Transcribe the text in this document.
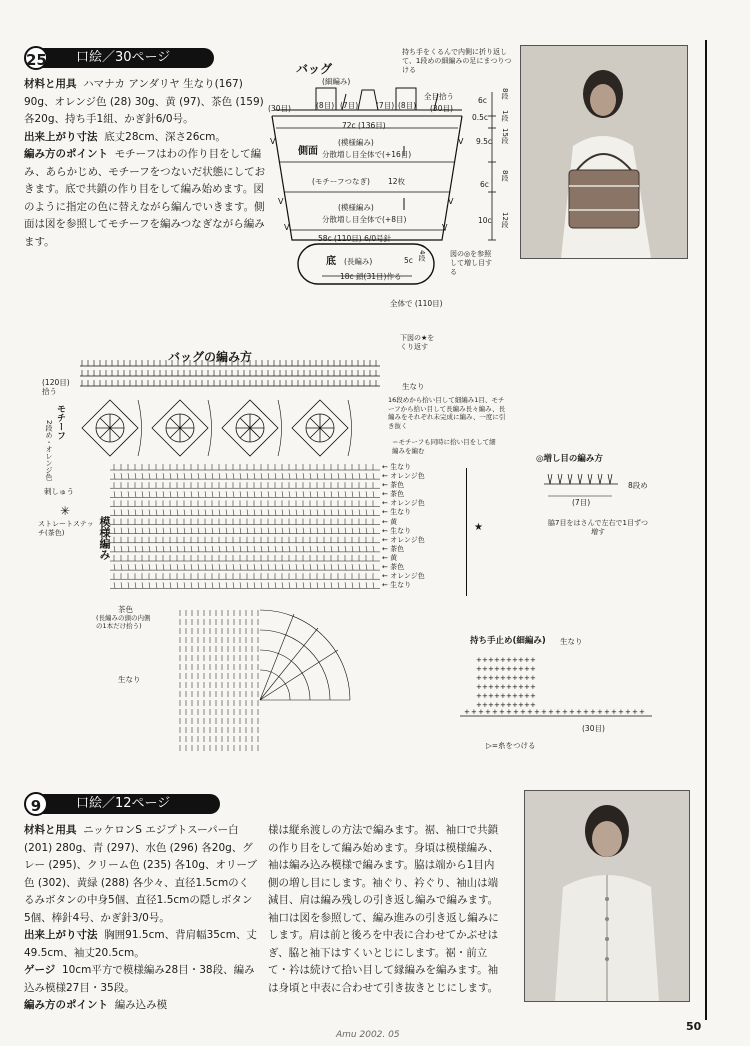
口絵／30ページ
25

材料と用具 ハマナカ アンダリヤ 生なり(167) 90g、オレンジ色 (28) 30g、黄 (97)、茶色 (159) 各20g、持ち手1組、かぎ針6/0号。

出来上がり寸法 底丈28cm、深さ26cm。

編み方のポイント モチーフはわの作り目をして編み、あらかじめ、モチーフをつないだ状態にしておきます。底で共鎖の作り目をして編み始めます。図のように指定の色に替えながら編んでいきます。側面は図を参照してモチーフを編みつなぎながら編みます。

バッグ
(細編み)
持ち手をくるんで内側に折り返して、1段めの細編みの足にまつりつける
全目拾う
V	V
V	V
V	V
(30目)	(30目)
(8目) (7目) (7目) (8目)
72c (136目)
側面
(模様編み)
分散増し目全体で(+16目)
(モチーフつなぎ) 12枚
(模様編み)
分散増し目全体で(+8目)
58c (110目) 6/0号針
底 (長編み)
18c 鎖(31目)作る
全体で (110目)
5c 4段	図の◎を参照して増し目する
6c
8段
0.5c 1段
9.5c 15段
6c
8段
10c 12段
バッグの編み方
下図の★をくり返す
(120目)拾う
生なり
モチーフ
2段め・オレンジ色
刺しゅう
✳
ストレートステッチ(茶色)	模様編み
16段めから拾い目して細編み1目、モチーフから拾い目して長編み長々編み、長編みをそれぞれ未完成に編み、一度に引き抜く
＝モチーフも同時に拾い目をして細編みを編む
← 生なり
← オレンジ色
← 茶色
← 茶色
← オレンジ色
← 生なり
← 黄
← 生なり
← オレンジ色
← 茶色
← 黄
← 茶色
← オレンジ色
← 生なり
★
茶色
(長編みの頭の内側の1本だけ拾う)
生なり
◎増し目の編み方
8段め
(7目)
脇7目をはさんで左右で1目ずつ増す
持ち手止め(細編み) 生なり
+ + + + + + + + + +
+ + + + + + + + + +
+ + + + + + + + + +
+ + + + + + + + + +
+ + + + + + + + + +
+ + + + + + + + + +
+ + + + + + + + + + + + + + + + + + + + + + + + + +
(30目)
▷=糸をつける
口絵／12ページ
9

材料と用具 ニッケロンS エジプトスーパー白 (201) 280g、青 (297)、水色 (296) 各20g、グレー (295)、クリーム色 (235) 各10g、オリーブ色 (302)、黄緑 (288) 各少々、直径1.5cmのくるみボタンの中身5個、直径1.5cmの隠しボタン5個、棒針4号、かぎ針3/0号。

出来上がり寸法 胸囲91.5cm、背肩幅35cm、丈49.5cm、袖丈20.5cm。

ゲージ 10cm平方で模様編み28目・38段、編み込み模様27目・35段。

編み方のポイント 編み込み模

様は縦糸渡しの方法で編みます。裾、袖口で共鎖の作り目をして編み始めます。身頃は模様編み、袖は編み込み模様で編みます。脇は端から1目内側の増し目にします。袖ぐり、衿ぐり、袖山は端減目、肩は編み残しの引き返し編みで編みます。袖口は図を参照して、編み進みの引き返し編みにします。肩は前と後ろを中表に合わせてかぶせはぎ、脇と袖下はすくいとじにします。裾・前立て・衿は続けて拾い目して縁編みを編みます。袖は身頃と中表に合わせて引き抜きとじにします。

Amu 2002. 05
50
